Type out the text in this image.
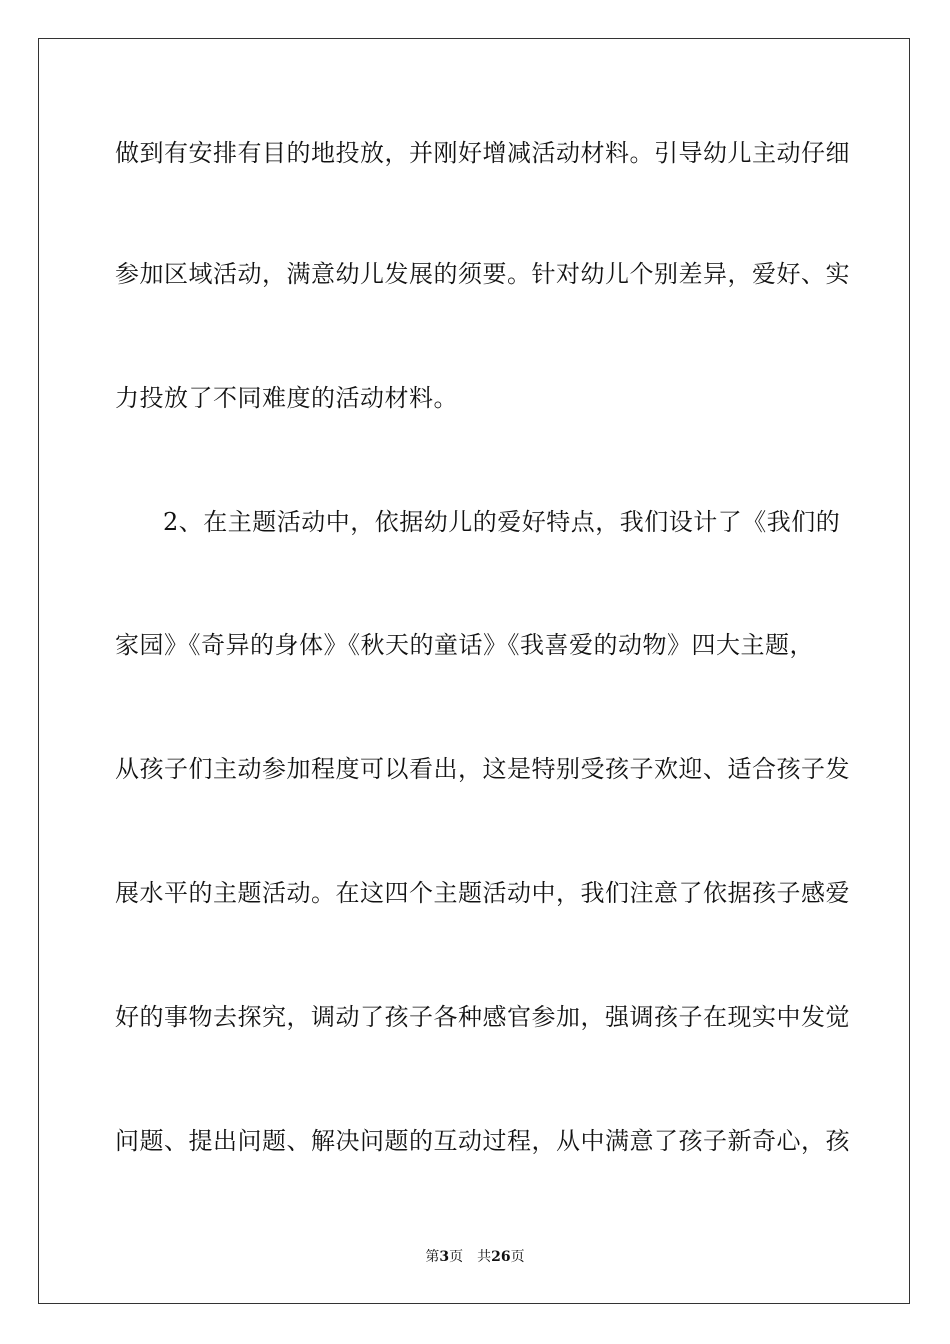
做到有安排有目的地投放，并刚好增减活动材料。引导幼儿主动仔细
参加区域活动，满意幼儿发展的须要。针对幼儿个别差异，爱好、实
力投放了不同难度的活动材料。
2、在主题活动中，依据幼儿的爱好特点，我们设计了《我们的
家园》《奇异的身体》《秋天的童话》《我喜爱的动物》四大主题，
从孩子们主动参加程度可以看出，这是特别受孩子欢迎、适合孩子发
展水平的主题活动。在这四个主题活动中，我们注意了依据孩子感爱
好的事物去探究，调动了孩子各种感官参加，强调孩子在现实中发觉
问题、提出问题、解决问题的互动过程，从中满意了孩子新奇心，孩
第3页 共26页
